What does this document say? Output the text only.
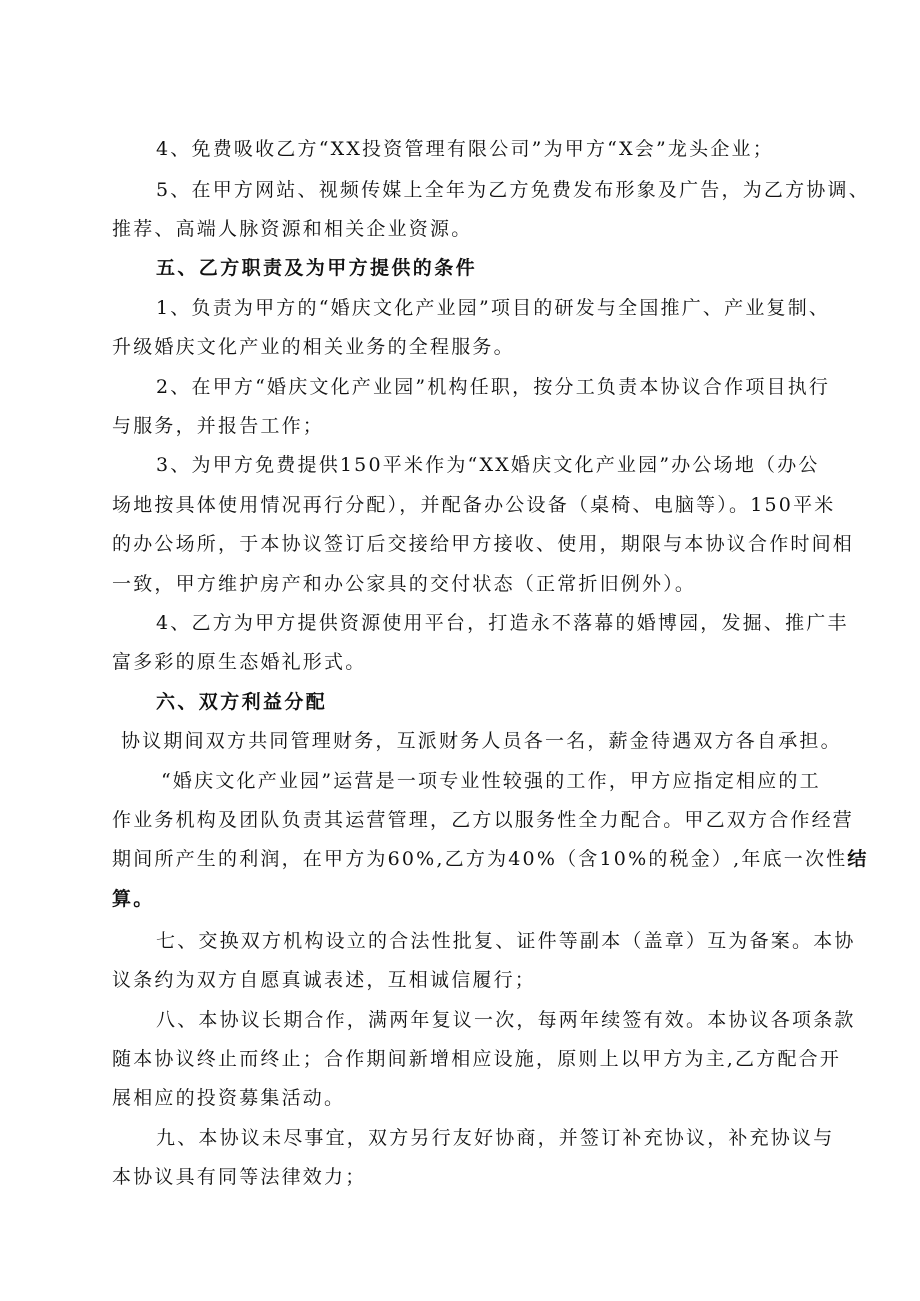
4、免费吸收乙方“XX投资管理有限公司”为甲方“X会”龙头企业；
5、在甲方网站、视频传媒上全年为乙方免费发布形象及广告，为乙方协调、
推荐、高端人脉资源和相关企业资源。
五、乙方职责及为甲方提供的条件
1、负责为甲方的“婚庆文化产业园”项目的研发与全国推广、产业复制、
升级婚庆文化产业的相关业务的全程服务。
2、在甲方“婚庆文化产业园”机构任职，按分工负责本协议合作项目执行
与服务，并报告工作；
3、为甲方免费提供150平米作为“XX婚庆文化产业园”办公场地（办公
场地按具体使用情况再行分配），并配备办公设备（桌椅、电脑等）。150平米
的办公场所，于本协议签订后交接给甲方接收、使用，期限与本协议合作时间相
一致，甲方维护房产和办公家具的交付状态（正常折旧例外）。
4、乙方为甲方提供资源使用平台，打造永不落幕的婚博园，发掘、推广丰
富多彩的原生态婚礼形式。
六、双方利益分配
协议期间双方共同管理财务，互派财务人员各一名，薪金待遇双方各自承担。
“婚庆文化产业园”运营是一项专业性较强的工作，甲方应指定相应的工
作业务机构及团队负责其运营管理，乙方以服务性全力配合。甲乙双方合作经营
期间所产生的利润，在甲方为60%,乙方为40%（含10%的税金）,年底一次性结
算。
七、交换双方机构设立的合法性批复、证件等副本（盖章）互为备案。本协
议条约为双方自愿真诚表述，互相诚信履行；
八、本协议长期合作，满两年复议一次，每两年续签有效。本协议各项条款
随本协议终止而终止；合作期间新增相应设施，原则上以甲方为主,乙方配合开
展相应的投资募集活动。
九、本协议未尽事宜，双方另行友好协商，并签订补充协议，补充协议与
本协议具有同等法律效力；
